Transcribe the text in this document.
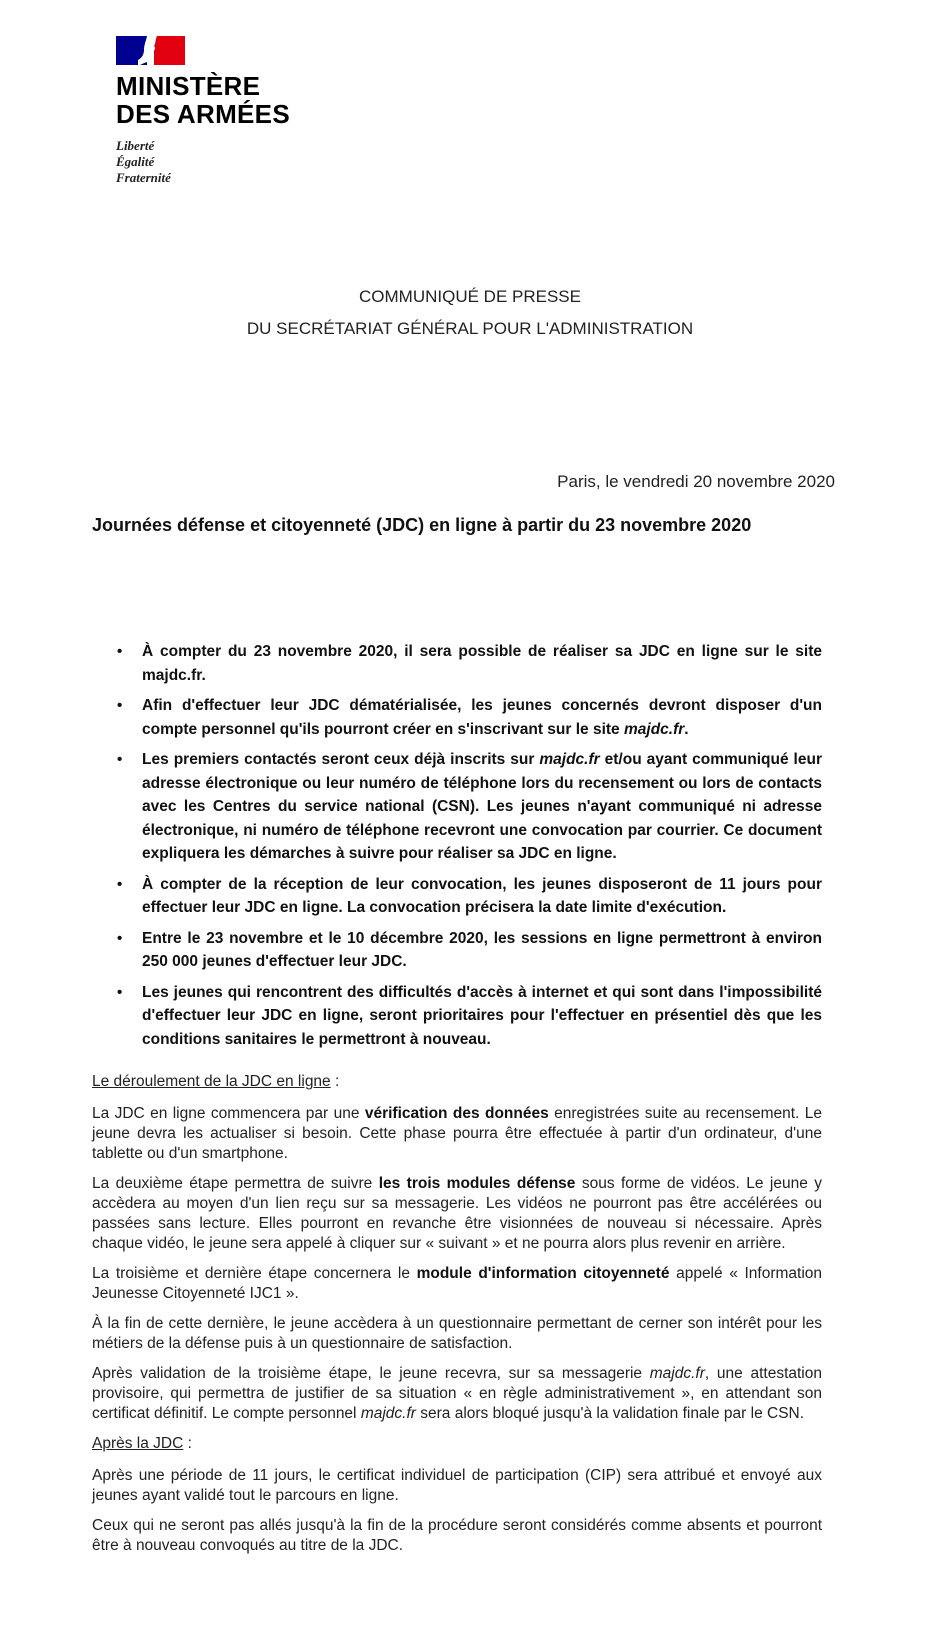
MINISTÈRE
DES ARMÉES
Liberté
Égalité
Fraternité
COMMUNIQUÉ DE PRESSE
DU SECRÉTARIAT GÉNÉRAL POUR L'ADMINISTRATION
Paris, le vendredi 20 novembre 2020
Journées défense et citoyenneté (JDC) en ligne à partir du 23 novembre 2020
• À compter du 23 novembre 2020, il sera possible de réaliser sa JDC en ligne sur le site majdc.fr.
• Afin d'effectuer leur JDC dématérialisée, les jeunes concernés devront disposer d'un compte personnel qu'ils pourront créer en s'inscrivant sur le site majdc.fr.
• Les premiers contactés seront ceux déjà inscrits sur majdc.fr et/ou ayant communiqué leur adresse électronique ou leur numéro de téléphone lors du recensement ou lors de contacts avec les Centres du service national (CSN). Les jeunes n'ayant communiqué ni adresse électronique, ni numéro de téléphone recevront une convocation par courrier. Ce document expliquera les démarches à suivre pour réaliser sa JDC en ligne.
• À compter de la réception de leur convocation, les jeunes disposeront de 11 jours pour effectuer leur JDC en ligne. La convocation précisera la date limite d'exécution.
• Entre le 23 novembre et le 10 décembre 2020, les sessions en ligne permettront à environ 250 000 jeunes d'effectuer leur JDC.
• Les jeunes qui rencontrent des difficultés d'accès à internet et qui sont dans l'impossibilité d'effectuer leur JDC en ligne, seront prioritaires pour l'effectuer en présentiel dès que les conditions sanitaires le permettront à nouveau.

Le déroulement de la JDC en ligne :

La JDC en ligne commencera par une vérification des données enregistrées suite au recensement. Le jeune devra les actualiser si besoin. Cette phase pourra être effectuée à partir d'un ordinateur, d'une tablette ou d'un smartphone.

La deuxième étape permettra de suivre les trois modules défense sous forme de vidéos. Le jeune y accèdera au moyen d'un lien reçu sur sa messagerie. Les vidéos ne pourront pas être accélérées ou passées sans lecture. Elles pourront en revanche être visionnées de nouveau si nécessaire. Après chaque vidéo, le jeune sera appelé à cliquer sur « suivant » et ne pourra alors plus revenir en arrière.

La troisième et dernière étape concernera le module d'information citoyenneté appelé « Information Jeunesse Citoyenneté IJC1 ».

À la fin de cette dernière, le jeune accèdera à un questionnaire permettant de cerner son intérêt pour les métiers de la défense puis à un questionnaire de satisfaction.

Après validation de la troisième étape, le jeune recevra, sur sa messagerie majdc.fr, une attestation provisoire, qui permettra de justifier de sa situation « en règle administrativement », en attendant son certificat définitif. Le compte personnel majdc.fr sera alors bloqué jusqu'à la validation finale par le CSN.

Après la JDC :

Après une période de 11 jours, le certificat individuel de participation (CIP) sera attribué et envoyé aux jeunes ayant validé tout le parcours en ligne.

Ceux qui ne seront pas allés jusqu'à la fin de la procédure seront considérés comme absents et pourront être à nouveau convoqués au titre de la JDC.
